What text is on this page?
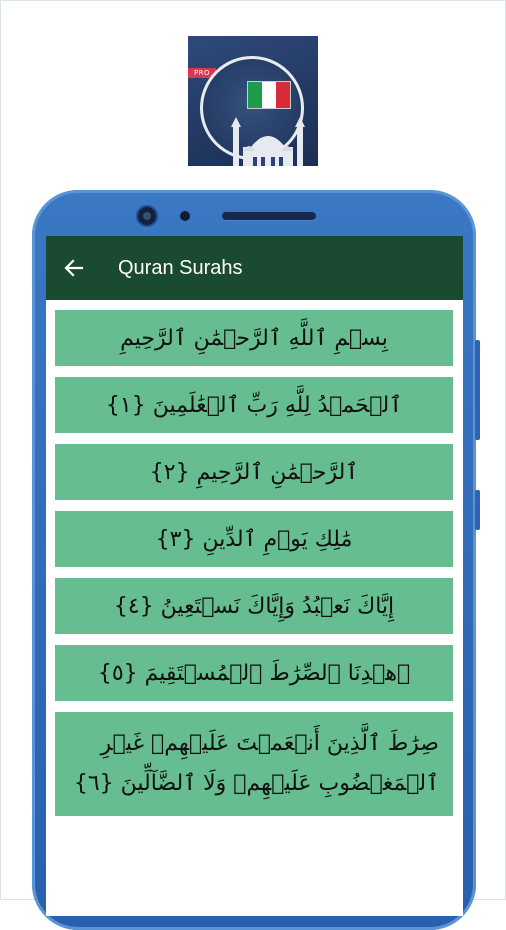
PRO
Quran Surahs
بِسۡمِ ٱللَّهِ ٱلرَّحۡمَٰنِ ٱلرَّحِيمِ
ٱلۡحَمۡدُ لِلَّهِ رَبِّ ٱلۡعَٰلَمِينَ {١}
ٱلرَّحۡمَٰنِ ٱلرَّحِيمِ {٢}
مَٰلِكِ يَوۡمِ ٱلدِّينِ {٣}
إِيَّاكَ نَعۡبُدُ وَإِيَّاكَ نَسۡتَعِينُ {٤}
ٱهۡدِنَا ٱلصِّرَٰطَ ٱلۡمُسۡتَقِيمَ {٥}
صِرَٰطَ ٱلَّذِينَ أَنۡعَمۡتَ عَلَيۡهِمۡ غَيۡرِ ٱلۡمَغۡضُوبِ عَلَيۡهِمۡ وَلَا ٱلضَّآلِّينَ {٦}
